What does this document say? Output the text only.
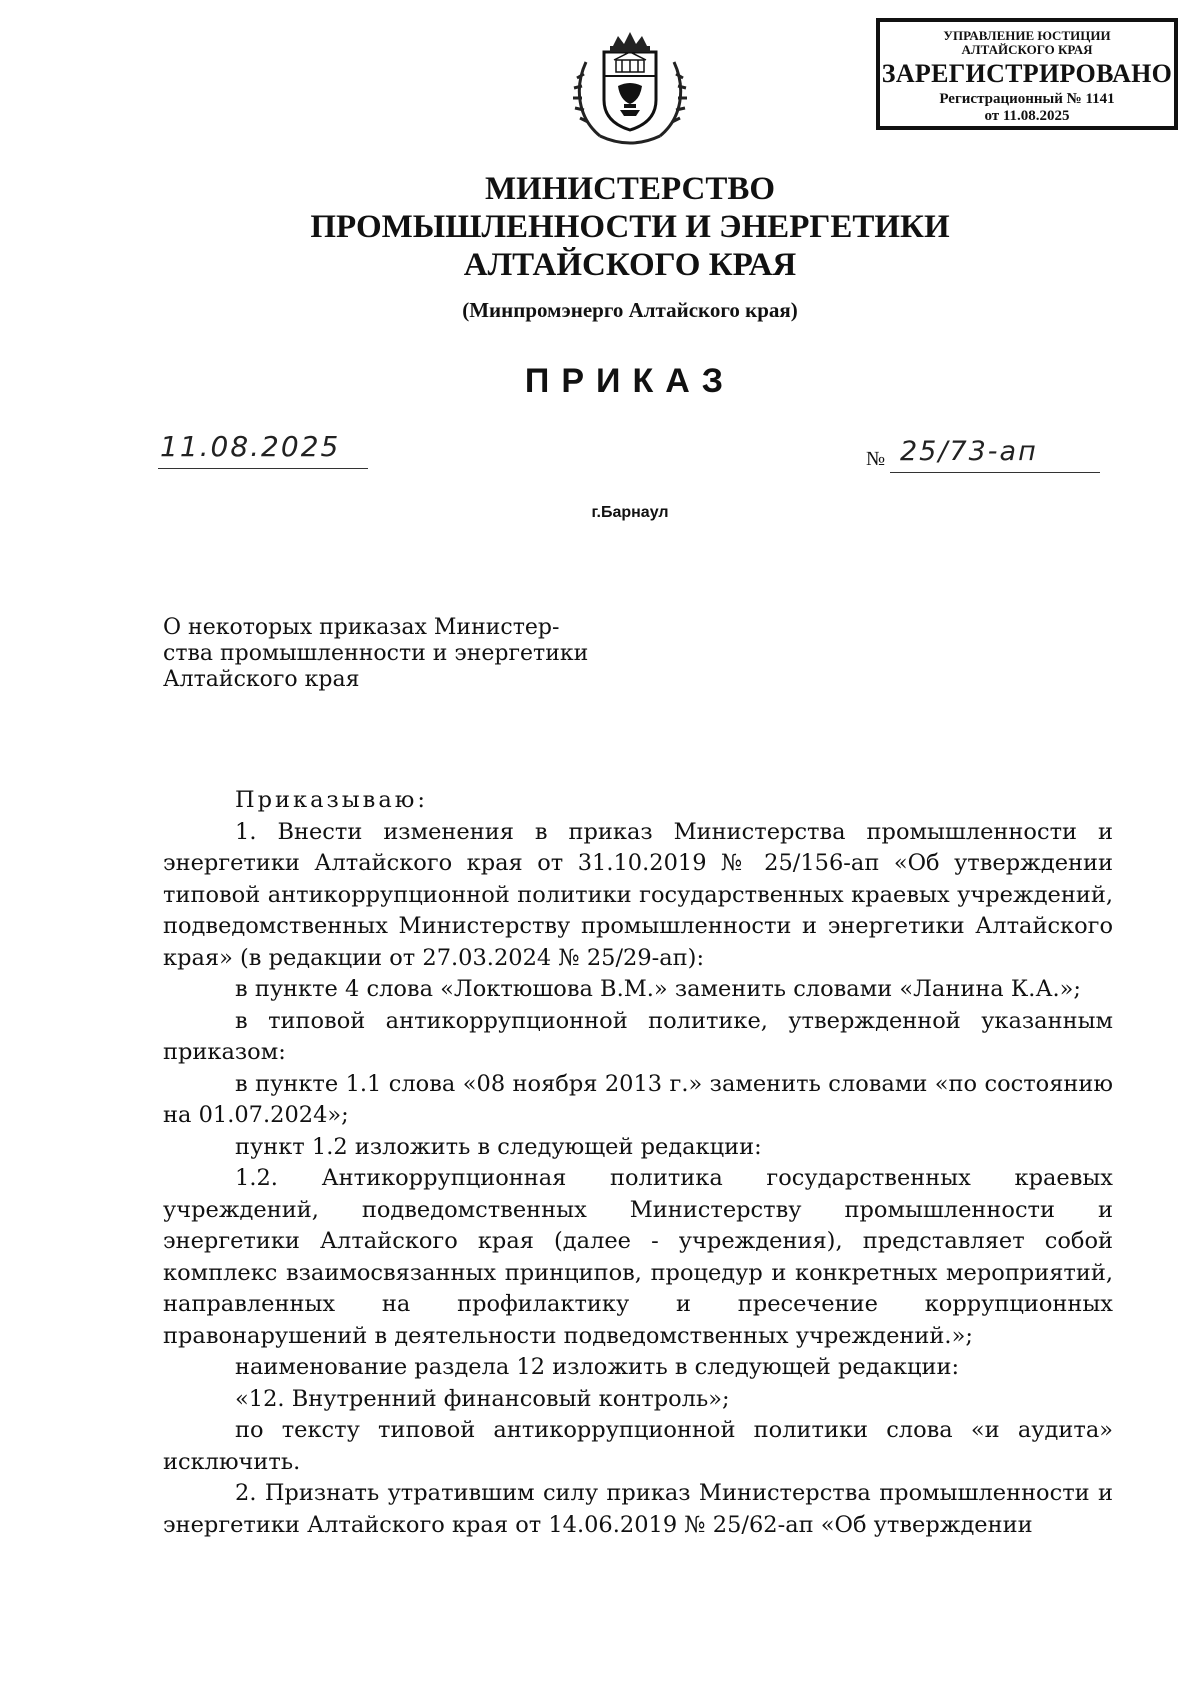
УПРАВЛЕНИЕ ЮСТИЦИИ
АЛТАЙСКОГО КРАЯ
ЗАРЕГИСТРИРОВАНО
Регистрационный № 1141
от 11.08.2025
МИНИСТЕРСТВО
ПРОМЫШЛЕННОСТИ И ЭНЕРГЕТИКИ
АЛТАЙСКОГО КРАЯ
(Минпромэнерго Алтайского края)
ПРИКАЗ
11.08.2025	№ 25/73-ап
г.Барнаул
О некоторых приказах Министер-
ства промышленности и энергетики
Алтайского края

Приказываю:

1. Внести изменения в приказ Министерства промышленности и энергетики Алтайского края от 31.10.2019 № 25/156-ап «Об утверждении типовой антикоррупционной политики государственных краевых учреждений, подведомственных Министерству промышленности и энергетики Алтайского края» (в редакции от 27.03.2024 № 25/29-ап):

в пункте 4 слова «Локтюшова В.М.» заменить словами «Ланина К.А.»;

в типовой антикоррупционной политике, утвержденной указанным приказом:

в пункте 1.1 слова «08 ноября 2013 г.» заменить словами «по состоянию на 01.07.2024»;

пункт 1.2 изложить в следующей редакции:

1.2. Антикоррупционная политика государственных краевых учреждений, подведомственных Министерству промышленности и энергетики Алтайского края (далее - учреждения), представляет собой комплекс взаимосвязанных принципов, процедур и конкретных мероприятий, направленных на профилактику и пресечение коррупционных правонарушений в деятельности подведомственных учреждений.»;

наименование раздела 12 изложить в следующей редакции:

«12. Внутренний финансовый контроль»;

по тексту типовой антикоррупционной политики слова «и аудита» исключить.

2. Признать утратившим силу приказ Министерства промышленности и энергетики Алтайского края от 14.06.2019 № 25/62-ап «Об утверждении
